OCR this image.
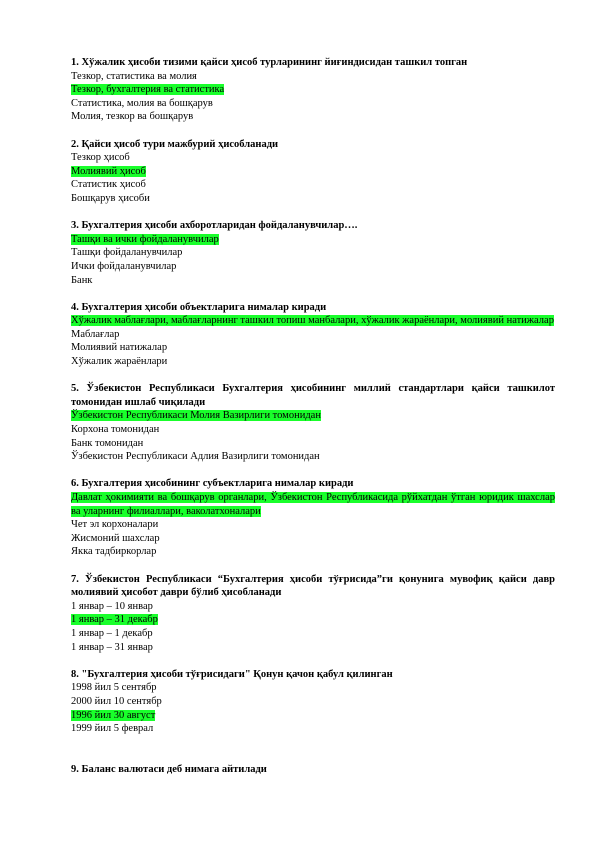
1. Хўжалик ҳисоби тизими қайси ҳисоб турларининг йиғиндисидан ташкил топган
Тезкор, статистика ва молия
Тезкор, бухгалтерия ва статистика
Статистика, молия ва бошқарув
Молия, тезкор ва бошқарув
2. Қайси ҳисоб тури мажбурий ҳисобланади
Тезкор ҳисоб
Молиявий ҳисоб
Статистик ҳисоб
Бошқарув ҳисоби
3. Бухгалтерия ҳисоби ахборотларидан фойдаланувчилар….
Ташқи ва ички фойдаланувчилар
Ташқи фойдаланувчилар
Ички фойдаланувчилар
Банк
4. Бухгалтерия ҳисоби объектларига нималар киради
Хўжалик маблағлари, маблағларнинг ташкил топиш манбалари, хўжалик жараёнлари, молиявий натижалар
Маблағлар
Молиявий натижалар
Хўжалик жараёнлари
5. Ўзбекистон Республикаси Бухгалтерия ҳисобининг миллий стандартлари қайси ташкилот томонидан ишлаб чиқилади
Ўзбекистон Республикаси Молия Вазирлиги томонидан
Корхона томонидан
Банк томонидан
Ўзбекистон Республикаси Адлия Вазирлиги томонидан
6. Бухгалтерия ҳисобининг субъектларига нималар киради
Давлат ҳокимияти ва бошқарув органлари, Ўзбекистон Республикасида рўйхатдан ўтган юридик шахслар ва уларнинг филиаллари, ваколатхоналари
Чет эл корхоналари
Жисмоний шахслар
Якка тадбиркорлар
7. Ўзбекистон Республикаси “Бухгалтерия ҳисоби тўғрисида”ги қонунига мувофиқ қайси давр молиявий ҳисобот даври бўлиб ҳисобланади
1 январ – 10 январ
1 январ – 31 декабр
1 январ – 1 декабр
1 январ – 31 январ
8. "Бухгалтерия ҳисоби тўғрисидаги" Қонун қачон қабул қилинган
1998 йил 5 сентябр
2000 йил 10 сентябр
1996 йил 30 август
1999 йил 5 феврал
9. Баланс валютаси деб нимага айтилади
